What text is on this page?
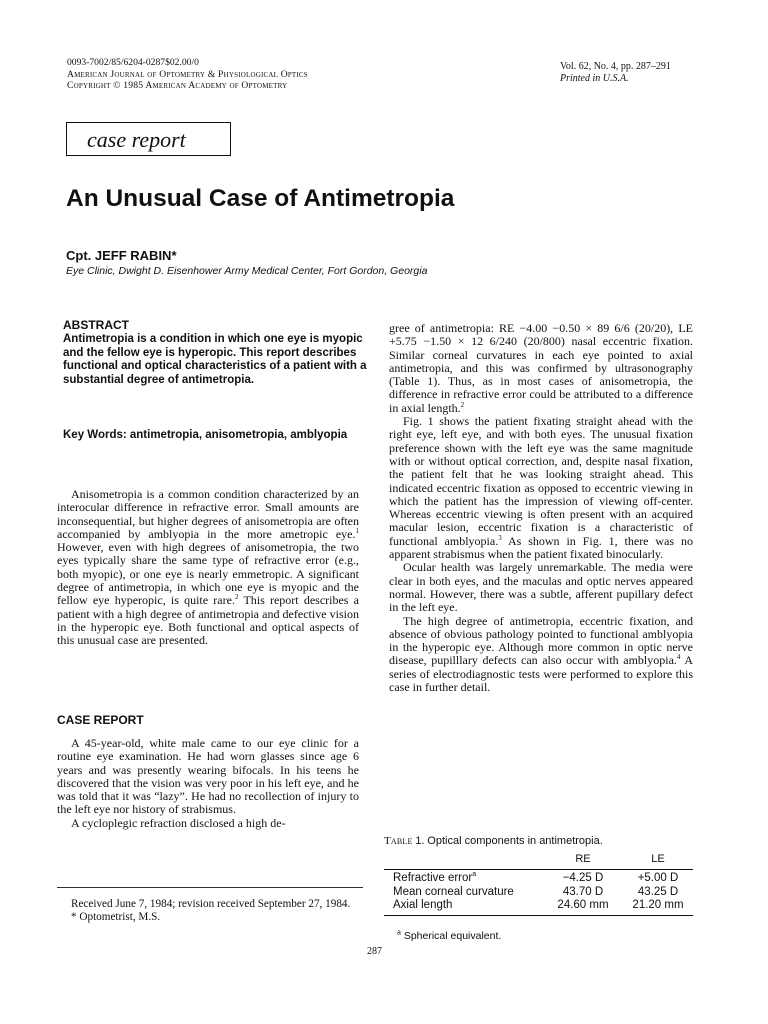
0093-7002/85/6204-0287$02.00/0
American Journal of Optometry & Physiological Optics
Copyright © 1985 American Academy of Optometry
Vol. 62, No. 4, pp. 287–291
Printed in U.S.A.
case report
An Unusual Case of Antimetropia
Cpt. JEFF RABIN*
Eye Clinic, Dwight D. Eisenhower Army Medical Center, Fort Gordon, Georgia
ABSTRACT
Antimetropia is a condition in which one eye is myopic and the fellow eye is hyperopic. This report describes functional and optical characteristics of a patient with a substantial degree of antimetropia.
Key Words: antimetropia, anisometropia, amblyopia

Anisometropia is a common condition characterized by an interocular difference in refractive error. Small amounts are inconsequential, but higher degrees of anisometropia are often accompanied by amblyopia in the more ametropic eye.$^1$ However, even with high degrees of anisometropia, the two eyes typically share the same type of refractive error (e.g., both myopic), or one eye is nearly emmetropic. A significant degree of antimetropia, in which one eye is myopic and the fellow eye hyperopic, is quite rare.$^2$ This report describes a patient with a high degree of antimetropia and defective vision in the hyperopic eye. Both functional and optical aspects of this unusual case are presented.

CASE REPORT

A 45-year-old, white male came to our eye clinic for a routine eye examination. He had worn glasses since age 6 years and was presently wearing bifocals. In his teens he discovered that the vision was very poor in his left eye, and he was told that it was “lazy”. He had no recollection of injury to the left eye nor history of strabismus.

A cycloplegic refraction disclosed a high de-

Received June 7, 1984; revision received September 27, 1984.

* Optometrist, M.S.

gree of antimetropia: RE −4.00 −0.50 × 89 6/6 (20/20), LE +5.75 −1.50 × 12 6/240 (20/800) nasal eccentric fixation. Similar corneal curvatures in each eye pointed to axial antimetropia, and this was confirmed by ultrasonography (Table 1). Thus, as in most cases of anisometropia, the difference in refractive error could be attributed to a difference in axial length.$^2$

Fig. 1 shows the patient fixating straight ahead with the right eye, left eye, and with both eyes. The unusual fixation preference shown with the left eye was the same magnitude with or without optical correction, and, despite nasal fixation, the patient felt that he was looking straight ahead. This indicated eccentric fixation as opposed to eccentric viewing in which the patient has the impression of viewing off-center. Whereas eccentric viewing is often present with an acquired macular lesion, eccentric fixation is a characteristic of functional amblyopia.$^3$ As shown in Fig. 1, there was no apparent strabismus when the patient fixated binocularly.

Ocular health was largely unremarkable. The media were clear in both eyes, and the maculas and optic nerves appeared normal. However, there was a subtle, afferent pupillary defect in the left eye.

The high degree of antimetropia, eccentric fixation, and absence of obvious pathology pointed to functional amblyopia in the hyperopic eye. Although more common in optic nerve disease, pupilllary defects can also occur with amblyopia.$^4$ A series of electrodiagnostic tests were performed to explore this case in further detail.

Table 1. Optical components in antimetropia.
	RE	LE

Refractive error$^a$	−4.25 D	+5.00 D
Mean corneal curvature	43.70 D	43.25 D
Axial length	24.60 mm	21.20 mm

$^a$ Spherical equivalent.
287
